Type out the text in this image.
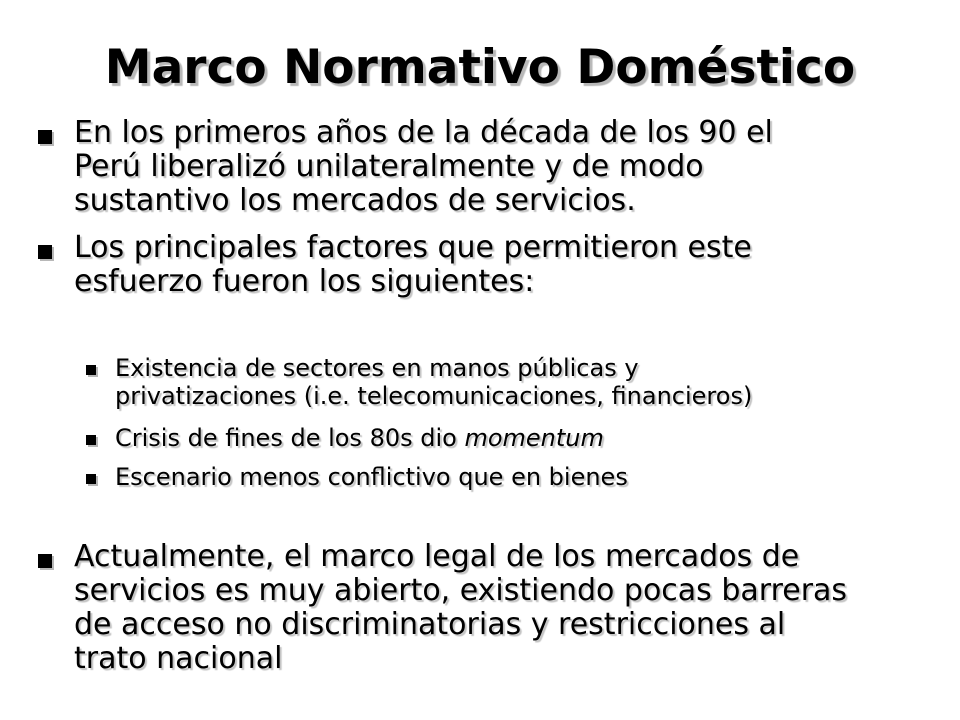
Marco Normativo Doméstico
En los primeros años de la década de los 90 el
Perú liberalizó unilateralmente y de modo
sustantivo los mercados de servicios.
Los principales factores que permitieron este
esfuerzo fueron los siguientes:
Existencia de sectores en manos públicas y
privatizaciones (i.e. telecomunicaciones, financieros)
Crisis de fines de los 80s dio momentum
Escenario menos conflictivo que en bienes
Actualmente, el marco legal de los mercados de
servicios es muy abierto, existiendo pocas barreras
de acceso no discriminatorias y restricciones al
trato nacional
